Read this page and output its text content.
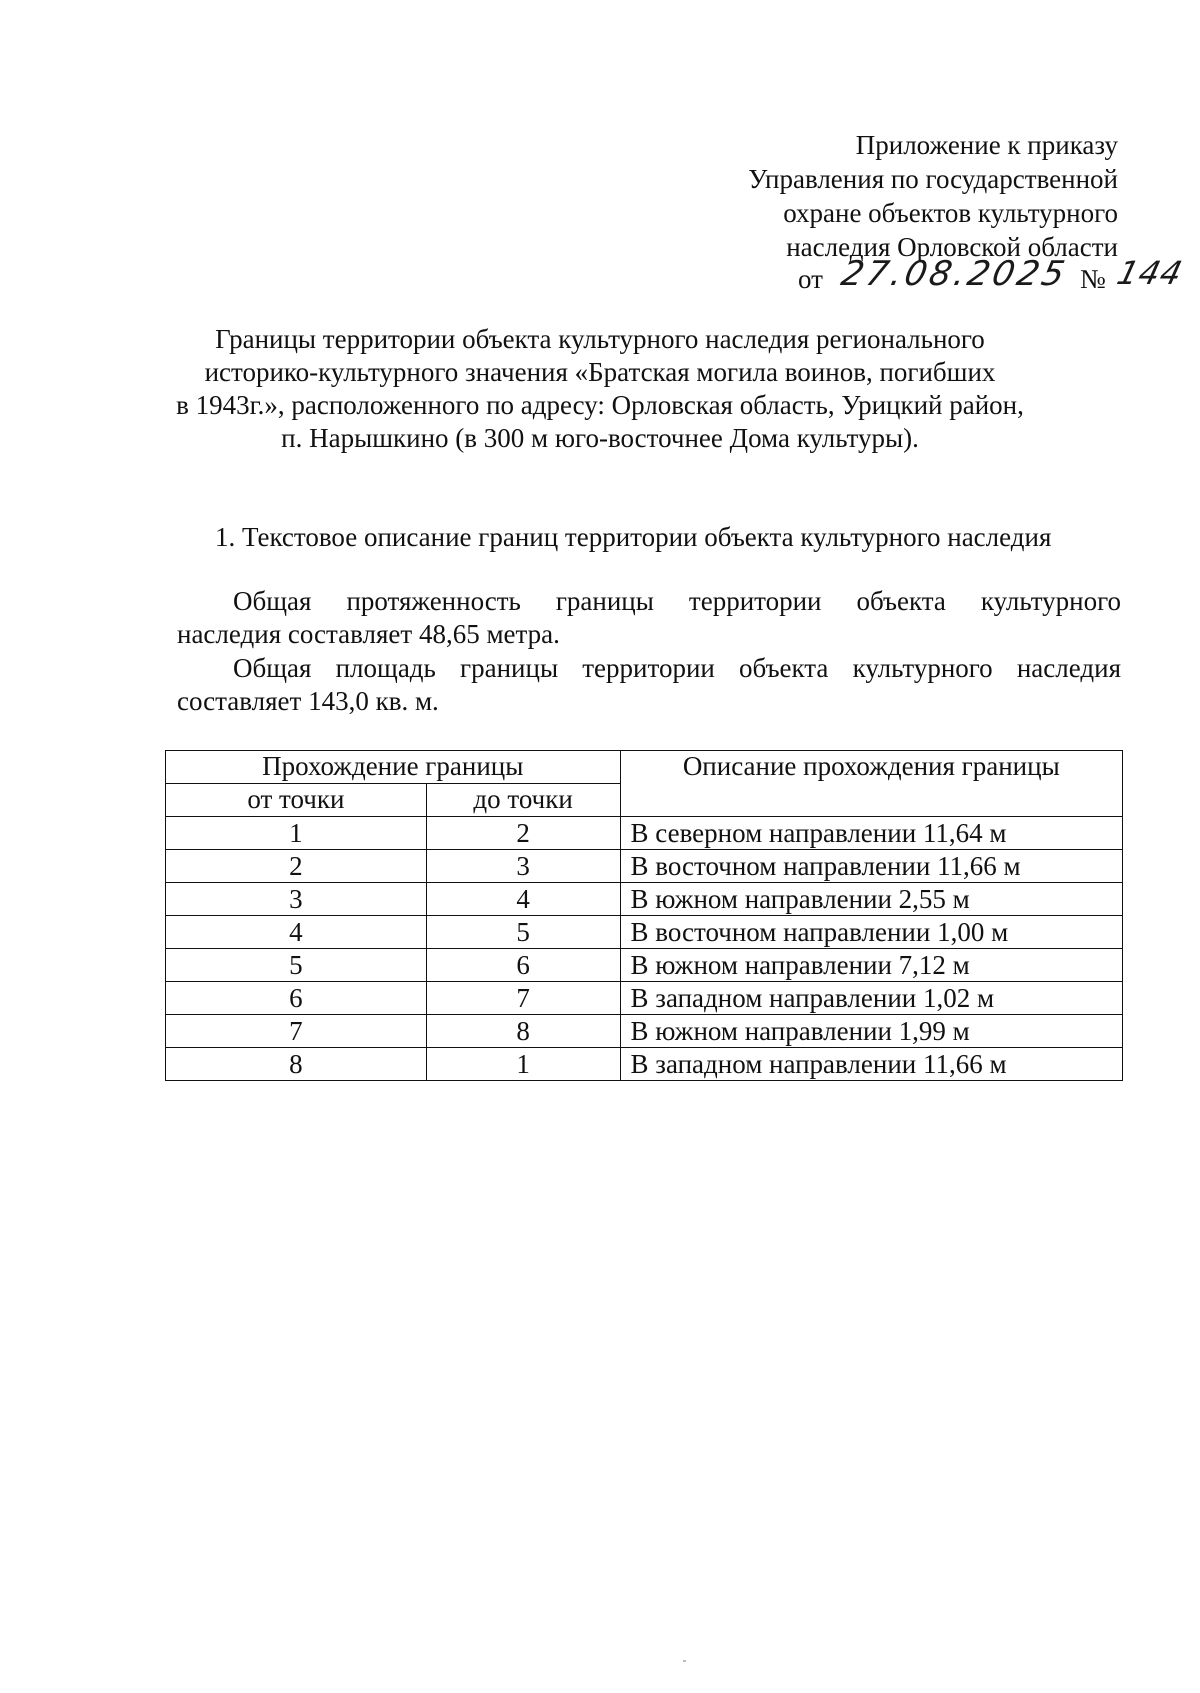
Приложение к приказу
Управления по государственной
охране объектов культурного
наследия Орловской области
от 27.08.2025 № 144
Границы территории объекта культурного наследия регионального
историко-культурного значения «Братская могила воинов, погибших
в 1943г.», расположенного по адресу: Орловская область, Урицкий район,
п. Нарышкино (в 300 м юго-восточнее Дома культуры).
1. Текстовое описание границ территории объекта культурного наследия
Общая протяженность границы территории объекта культурного
наследия составляет 48,65 метра.
Общая площадь границы территории объекта культурного наследия
составляет 143,0 кв. м.
Прохождение границы		Описание прохождения границы
от точки	до точки	
1	2	В северном направлении 11,64 м
2	3	В восточном направлении 11,66 м
3	4	В южном направлении 2,55 м
4	5	В восточном направлении 1,00 м
5	6	В южном направлении 7,12 м
6	7	В западном направлении 1,02 м
7	8	В южном направлении 1,99 м
8	1	В западном направлении 11,66 м
